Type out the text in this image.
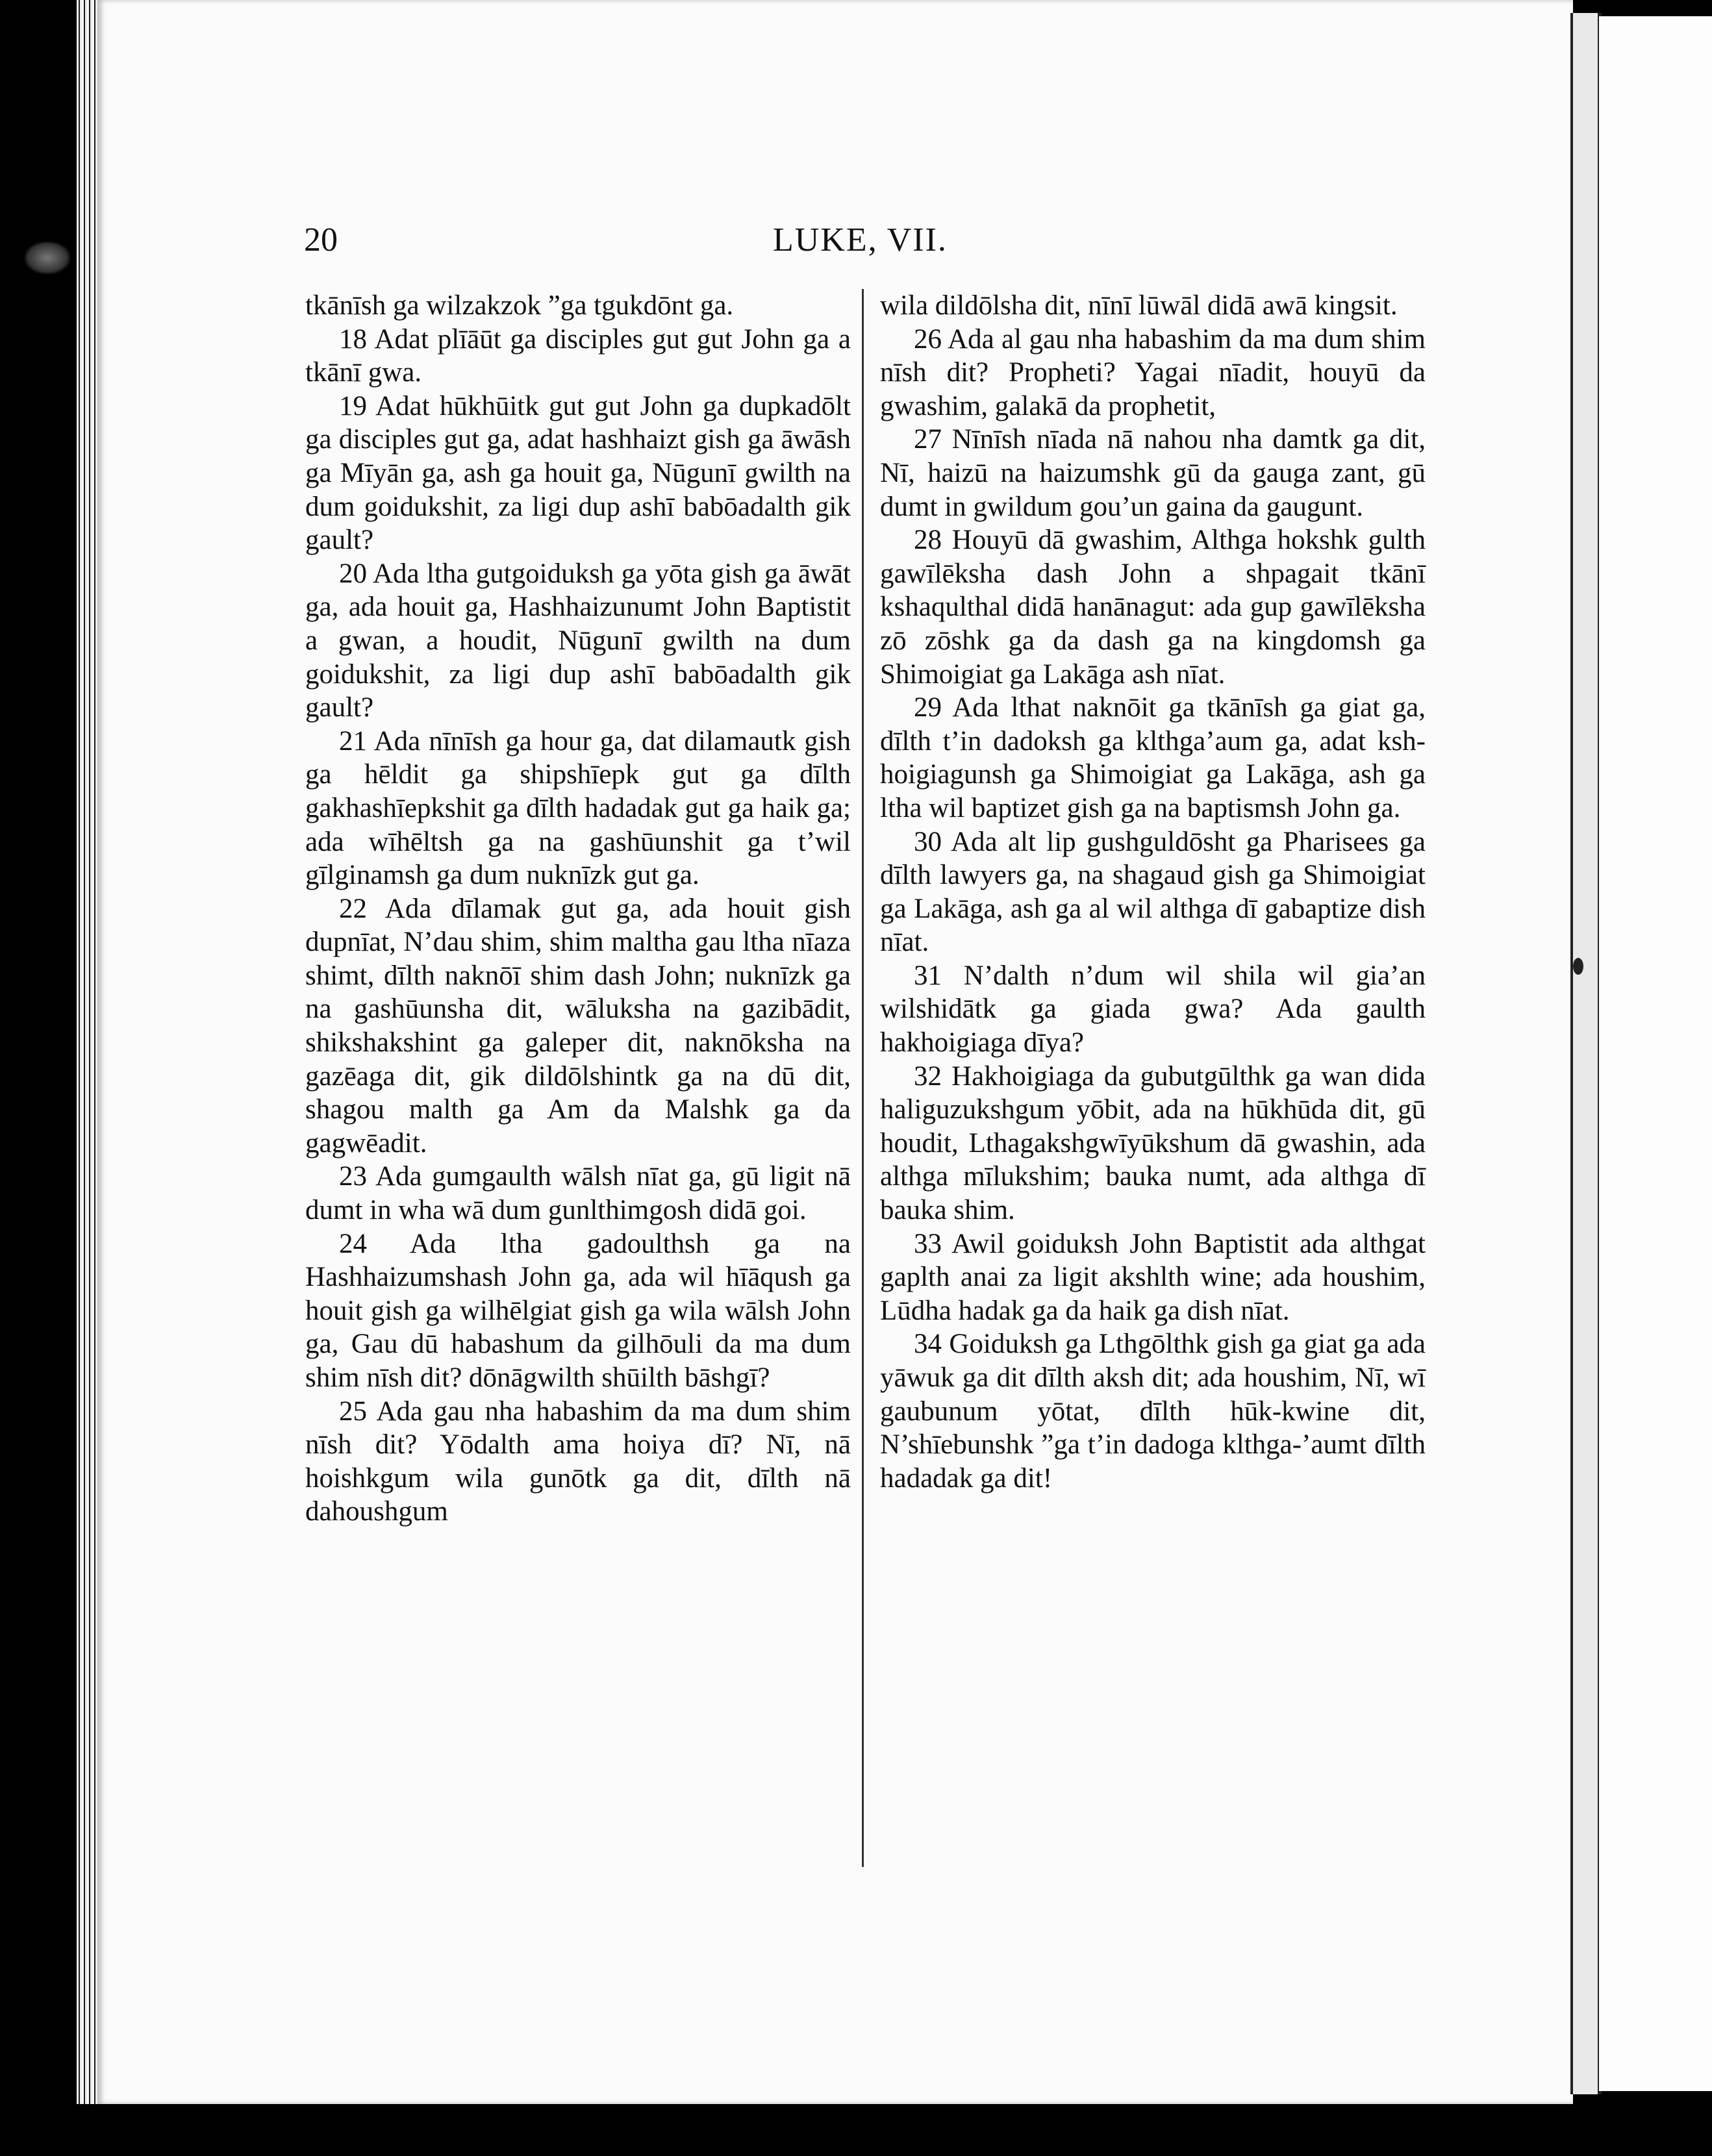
20	LUKE, VII.

tkānīsh ga wilzakzok ˮga tgukdōnt ga.

18 Adat plīāūt ga disciples gut gut John ga a tkānī gwa.

19 Adat hūkhūitk gut gut John ga dupkadōlt ga disciples gut ga, adat hashhaizt gish ga āwāsh ga Mīyān ga, ash ga houit ga, Nūgunī gwilth na dum goidukshit, za ligi dup ashī babōadalth gik gault?

20 Ada ltha gutgoiduksh ga yōta gish ga āwāt ga, ada houit ga, Hashhaizunumt John Baptistit a gwan, a houdit, Nūgunī gwilth na dum goidukshit, za ligi dup ashī babōadalth gik gault?

21 Ada nīnīsh ga hour ga, dat dilamautk gish ga hēldit ga shipshīepk gut ga dīlth gakhashīepkshit ga dīlth hadadak gut ga haik ga; ada wīhēltsh ga na gashūunshit ga t’wil gīlginamsh ga dum nuknīzk gut ga.

22 Ada dīlamak gut ga, ada houit gish dupnīat, N’dau shim, shim maltha gau ltha nīaza shimt, dīlth naknōī shim dash John; nuknīzk ga na gashūunsha dit, wāluksha na gazibādit, shikshakshint ga galeper dit, naknōksha na gazēaga dit, gik dildōlshintk ga na dū dit, shagou malth ga Am da Malshk ga da gagwēadit.

23 Ada gumgaulth wālsh nīat ga, gū ligit nā dumt in wha wā dum gunlthimgosh didā goi.

24 Ada ltha gadoulthsh ga na Hashhaizumshash John ga, ada wil hīāqush ga houit gish ga wilhēlgiat gish ga wila wālsh John ga, Gau dū habashum da gilhōuli da ma dum shim nīsh dit? dōnāgwilth shūilth bāshgī?

25 Ada gau nha habashim da ma dum shim nīsh dit? Yōdalth ama hoiya dī? Nī, nā hoishkgum wila gunōtk ga dit, dīlth nā dahoushgum

wila dildōlsha dit, nīnī lūwāl didā awā kingsit.

26 Ada al gau nha habashim da ma dum shim nīsh dit? Propheti? Yagai nīadit, houyū da gwashim, galakā da prophetit,

27 Nīnīsh nīada nā nahou nha damtk ga dit, Nī, haizū na haizumshk gū da gauga zant, gū dumt in gwildum gou’un gaina da gaugunt.

28 Houyū dā gwashim, Althga hokshk gulth gawīlēksha dash John a shpagait tkānī kshaqulthal didā hanānagut: ada gup gawīlēksha zō zōshk ga da dash ga na kingdomsh ga Shimoigiat ga Lakāga ash nīat.

29 Ada lthat naknōit ga tkānīsh ga giat ga, dīlth t’in dadoksh ga klthga’aum ga, adat ksh-hoigiagunsh ga Shimoigiat ga Lakāga, ash ga ltha wil baptizet gish ga na baptismsh John ga.

30 Ada alt lip gushguldōsht ga Pharisees ga dīlth lawyers ga, na shagaud gish ga Shimoigiat ga Lakāga, ash ga al wil althga dī gabaptize dish nīat.

31 N’dalth n’dum wil shila wil gia’an wilshidātk ga giada gwa? Ada gaulth hakhoigiaga dīya?

32 Hakhoigiaga da gubutgūlthk ga wan dida haliguzukshgum yōbit, ada na hūkhūda dit, gū houdit, Lthagakshgwīyūkshum dā gwashin, ada althga mīlukshim; bauka numt, ada althga dī bauka shim.

33 Awil goiduksh John Baptistit ada althgat gaplth anai za ligit akshlth wine; ada houshim, Lūdha hadak ga da haik ga dish nīat.

34 Goiduksh ga Lthgōlthk gish ga giat ga ada yāwuk ga dit dīlth aksh dit; ada houshim, Nī, wī gaubunum yōtat, dīlth hūk-kwine dit, N’shīebunshk ˮga t’in dadoga klthga-’aumt dīlth hadadak ga dit!
